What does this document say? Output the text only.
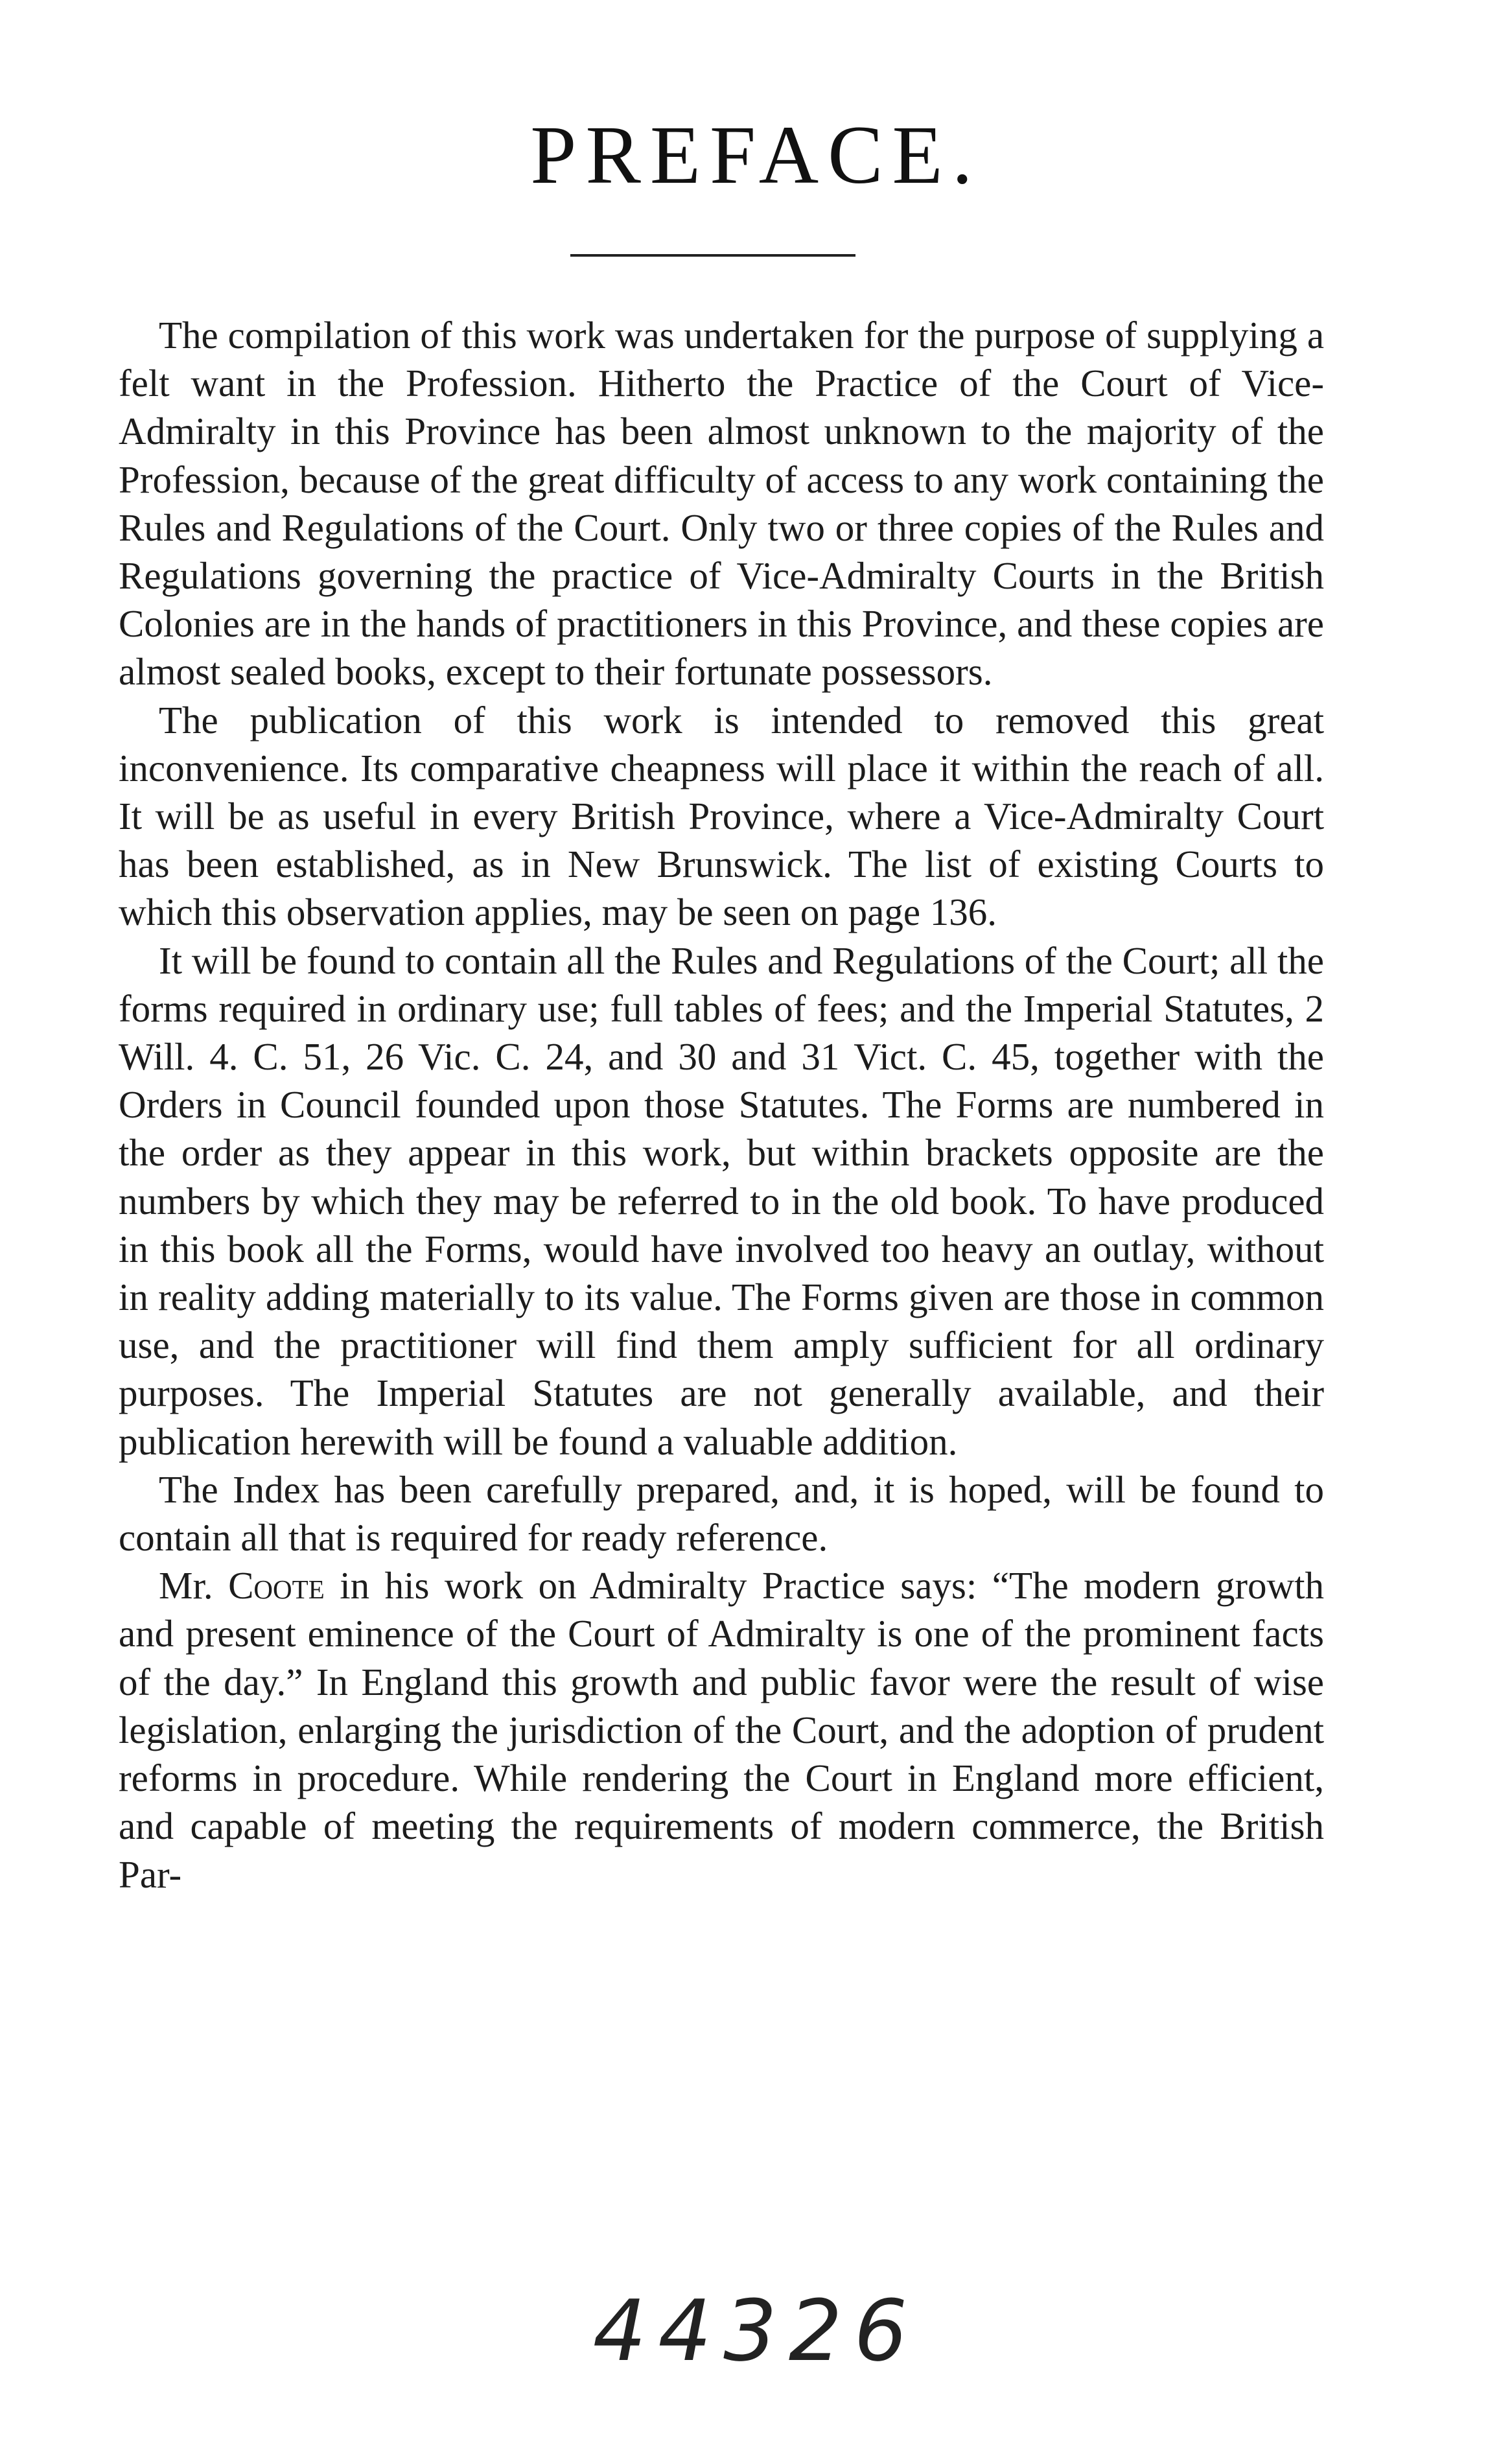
PREFACE.

The compilation of this work was undertaken for the purpose of supplying a felt want in the Profession. Hitherto the Practice of the Court of Vice-Admiralty in this Province has been almost unknown to the majority of the Profession, because of the great difficulty of access to any work containing the Rules and Regulations of the Court. Only two or three copies of the Rules and Regulations governing the practice of Vice-Admiralty Courts in the British Colonies are in the hands of practitioners in this Province, and these copies are almost sealed books, except to their fortunate possessors.

The publication of this work is intended to removed this great inconvenience. Its comparative cheapness will place it within the reach of all. It will be as useful in every British Province, where a Vice-Admiralty Court has been established, as in New Brunswick. The list of existing Courts to which this observation applies, may be seen on page 136.

It will be found to contain all the Rules and Regulations of the Court; all the forms required in ordinary use; full tables of fees; and the Imperial Statutes, 2 Will. 4. C. 51, 26 Vic. C. 24, and 30 and 31 Vict. C. 45, together with the Orders in Council founded upon those Statutes. The Forms are numbered in the order as they appear in this work, but within brackets opposite are the numbers by which they may be referred to in the old book. To have produced in this book all the Forms, would have involved too heavy an outlay, without in reality adding materially to its value. The Forms given are those in common use, and the practitioner will find them amply sufficient for all ordinary purposes. The Imperial Statutes are not generally available, and their publication herewith will be found a valuable addition.

The Index has been carefully prepared, and, it is hoped, will be found to contain all that is required for ready reference.

Mr. Coote in his work on Admiralty Practice says: “The modern growth and present eminence of the Court of Admiralty is one of the prominent facts of the day.” In England this growth and public favor were the result of wise legislation, enlarging the jurisdiction of the Court, and the adoption of prudent reforms in procedure. While rendering the Court in England more efficient, and capable of meeting the requirements of modern commerce, the British Par-

44326
